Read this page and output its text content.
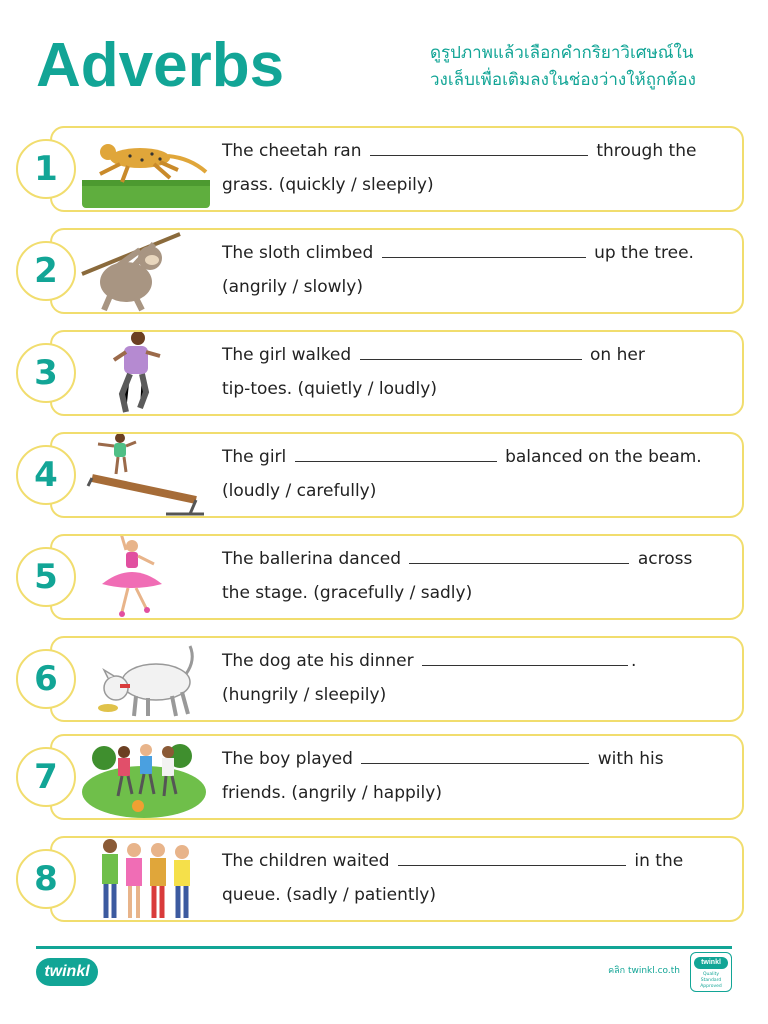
Adverbs	ดูรูปภาพแล้วเลือกคำกริยาวิเศษณ์ใน
วงเล็บเพื่อเติมลงในช่องว่างให้ถูกต้อง
1	The cheetah ran	through the
grass. (quickly / sleepily)
2	The sloth climbed	up the tree.
(angrily / slowly)
3	The girl walked	on her
tip-toes. (quietly / loudly)
4	The girl	balanced on the beam.
(loudly / carefully)
5	The ballerina danced	across
the stage. (gracefully / sadly)
6	The dog ate his dinner	.
(hungrily / sleepily)
7	The boy played	with his
friends. (angrily / happily)
8	The children waited	in the
queue. (sadly / patiently)
twinkl	คลิก twinkl.co.th
twinkl
Quality Standard Approved
